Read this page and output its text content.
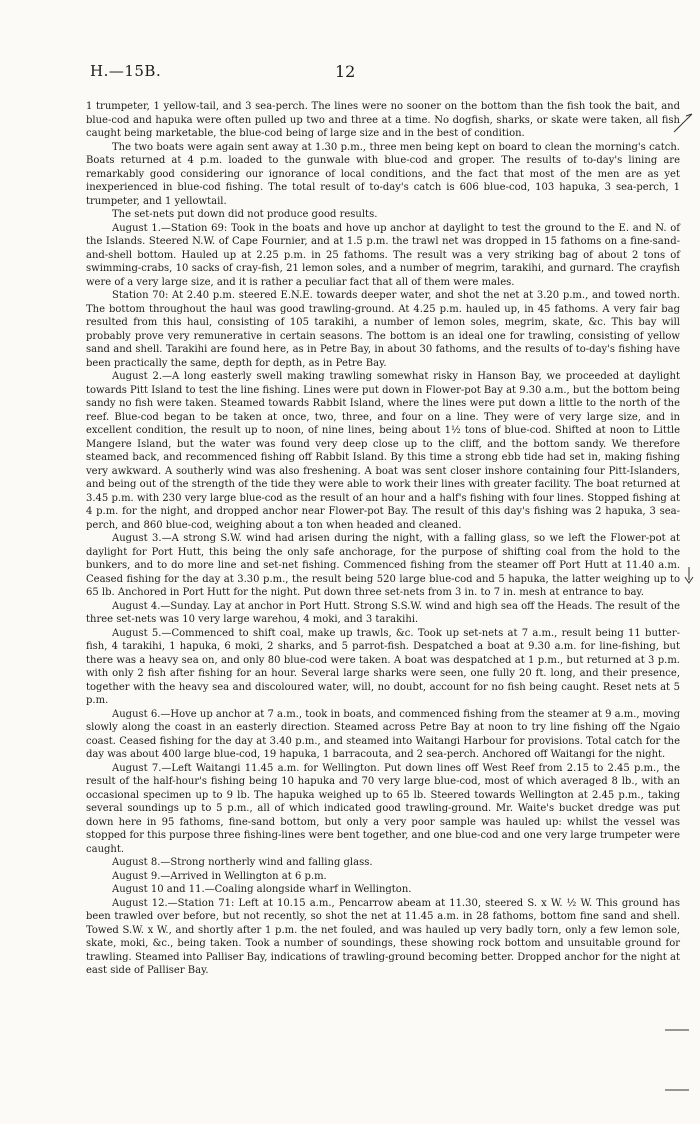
H.—15B.	12

1 trumpeter, 1 yellow-tail, and 3 sea-perch. The lines were no sooner on the bottom than the fish took the bait, and blue-cod and hapuka were often pulled up two and three at a time. No dogfish, sharks, or skate were taken, all fish caught being marketable, the blue-cod being of large size and in the best of condition.

The two boats were again sent away at 1.30 p.m., three men being kept on board to clean the morning's catch. Boats returned at 4 p.m. loaded to the gunwale with blue-cod and groper. The results of to-day's lining are remarkably good considering our ignorance of local conditions, and the fact that most of the men are as yet inexperienced in blue-cod fishing. The total result of to-day's catch is 606 blue-cod, 103 hapuka, 3 sea-perch, 1 trumpeter, and 1 yellowtail.

The set-nets put down did not produce good results.

August 1.—Station 69: Took in the boats and hove up anchor at daylight to test the ground to the E. and N. of the Islands. Steered N.W. of Cape Fournier, and at 1.5 p.m. the trawl net was dropped in 15 fathoms on a fine-sand-and-shell bottom. Hauled up at 2.25 p.m. in 25 fathoms. The result was a very striking bag of about 2 tons of swimming-crabs, 10 sacks of cray-fish, 21 lemon soles, and a number of megrim, tarakihi, and gurnard. The crayfish were of a very large size, and it is rather a peculiar fact that all of them were males.

Station 70: At 2.40 p.m. steered E.N.E. towards deeper water, and shot the net at 3.20 p.m., and towed north. The bottom throughout the haul was good trawling-ground. At 4.25 p.m. hauled up, in 45 fathoms. A very fair bag resulted from this haul, consisting of 105 tarakihi, a number of lemon soles, megrim, skate, &c. This bay will probably prove very remunerative in certain seasons. The bottom is an ideal one for trawling, consisting of yellow sand and shell. Tarakihi are found here, as in Petre Bay, in about 30 fathoms, and the results of to-day's fishing have been practically the same, depth for depth, as in Petre Bay.

August 2.—A long easterly swell making trawling somewhat risky in Hanson Bay, we proceeded at daylight towards Pitt Island to test the line fishing. Lines were put down in Flower-pot Bay at 9.30 a.m., but the bottom being sandy no fish were taken. Steamed towards Rabbit Island, where the lines were put down a little to the north of the reef. Blue-cod began to be taken at once, two, three, and four on a line. They were of very large size, and in excellent condition, the result up to noon, of nine lines, being about 1½ tons of blue-cod. Shifted at noon to Little Mangere Island, but the water was found very deep close up to the cliff, and the bottom sandy. We therefore steamed back, and recommenced fishing off Rabbit Island. By this time a strong ebb tide had set in, making fishing very awkward. A southerly wind was also freshening. A boat was sent closer inshore containing four Pitt-Islanders, and being out of the strength of the tide they were able to work their lines with greater facility. The boat returned at 3.45 p.m. with 230 very large blue-cod as the result of an hour and a half's fishing with four lines. Stopped fishing at 4 p.m. for the night, and dropped anchor near Flower-pot Bay. The result of this day's fishing was 2 hapuka, 3 sea-perch, and 860 blue-cod, weighing about a ton when headed and cleaned.

August 3.—A strong S.W. wind had arisen during the night, with a falling glass, so we left the Flower-pot at daylight for Port Hutt, this being the only safe anchorage, for the purpose of shifting coal from the hold to the bunkers, and to do more line and set-net fishing. Commenced fishing from the steamer off Port Hutt at 11.40 a.m. Ceased fishing for the day at 3.30 p.m., the result being 520 large blue-cod and 5 hapuka, the latter weighing up to 65 lb. Anchored in Port Hutt for the night. Put down three set-nets from 3 in. to 7 in. mesh at entrance to bay.

August 4.—Sunday. Lay at anchor in Port Hutt. Strong S.S.W. wind and high sea off the Heads. The result of the three set-nets was 10 very large warehou, 4 moki, and 3 tarakihi.

August 5.—Commenced to shift coal, make up trawls, &c. Took up set-nets at 7 a.m., result being 11 butter-fish, 4 tarakihi, 1 hapuka, 6 moki, 2 sharks, and 5 parrot-fish. Despatched a boat at 9.30 a.m. for line-fishing, but there was a heavy sea on, and only 80 blue-cod were taken. A boat was despatched at 1 p.m., but returned at 3 p.m. with only 2 fish after fishing for an hour. Several large sharks were seen, one fully 20 ft. long, and their presence, together with the heavy sea and discoloured water, will, no doubt, account for no fish being caught. Reset nets at 5 p.m.

August 6.—Hove up anchor at 7 a.m., took in boats, and commenced fishing from the steamer at 9 a.m., moving slowly along the coast in an easterly direction. Steamed across Petre Bay at noon to try line fishing off the Ngaio coast. Ceased fishing for the day at 3.40 p.m., and steamed into Waitangi Harbour for provisions. Total catch for the day was about 400 large blue-cod, 19 hapuka, 1 barracouta, and 2 sea-perch. Anchored off Waitangi for the night.

August 7.—Left Waitangi 11.45 a.m. for Wellington. Put down lines off West Reef from 2.15 to 2.45 p.m., the result of the half-hour's fishing being 10 hapuka and 70 very large blue-cod, most of which averaged 8 lb., with an occasional specimen up to 9 lb. The hapuka weighed up to 65 lb. Steered towards Wellington at 2.45 p.m., taking several soundings up to 5 p.m., all of which indicated good trawling-ground. Mr. Waite's bucket dredge was put down here in 95 fathoms, fine-sand bottom, but only a very poor sample was hauled up: whilst the vessel was stopped for this purpose three fishing-lines were bent together, and one blue-cod and one very large trumpeter were caught.

August 8.—Strong northerly wind and falling glass.

August 9.—Arrived in Wellington at 6 p.m.

August 10 and 11.—Coaling alongside wharf in Wellington.

August 12.—Station 71: Left at 10.15 a.m., Pencarrow abeam at 11.30, steered S. x W. ½ W. This ground has been trawled over before, but not recently, so shot the net at 11.45 a.m. in 28 fathoms, bottom fine sand and shell. Towed S.W. x W., and shortly after 1 p.m. the net fouled, and was hauled up very badly torn, only a few lemon sole, skate, moki, &c., being taken. Took a number of soundings, these showing rock bottom and unsuitable ground for trawling. Steamed into Palliser Bay, indications of trawling-ground becoming better. Dropped anchor for the night at east side of Palliser Bay.
